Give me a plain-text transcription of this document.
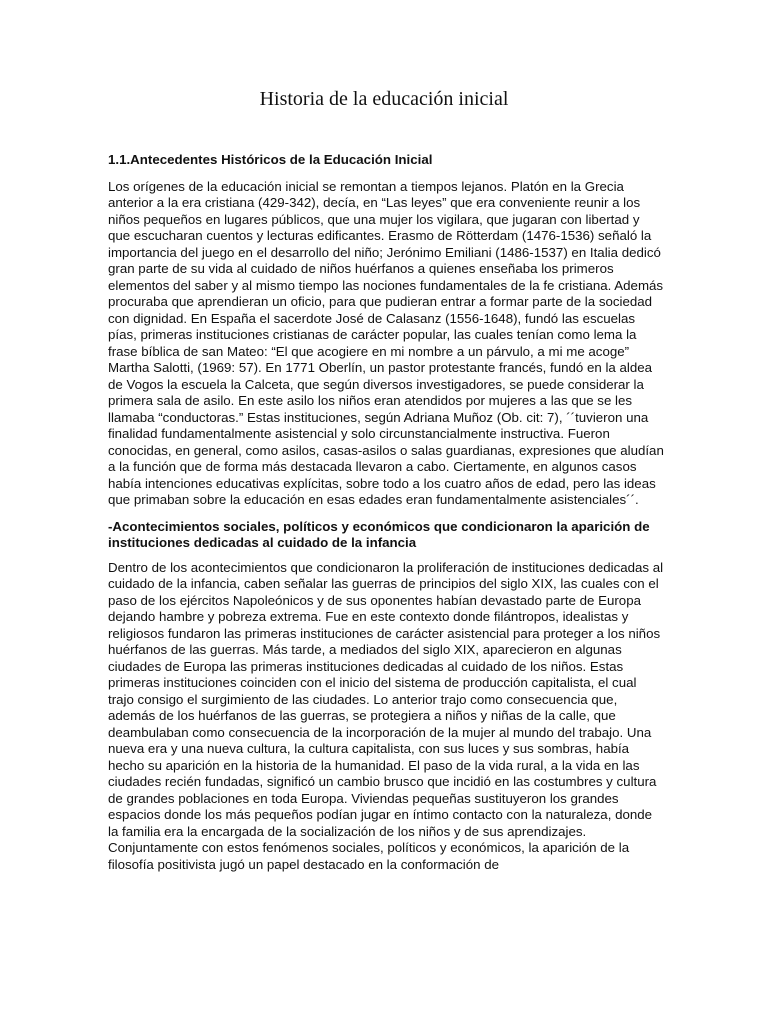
Historia de la educación inicial
1.1.Antecedentes Históricos de la Educación Inicial

Los orígenes de la educación inicial se remontan a tiempos lejanos. Platón en la Grecia anterior a la era cristiana (429-342), decía, en “Las leyes” que era conveniente reunir a los niños pequeños en lugares públicos, que una mujer los vigilara, que jugaran con libertad y que escucharan cuentos y lecturas edificantes. Erasmo de Rötterdam (1476-1536) señaló la importancia del juego en el desarrollo del niño; Jerónimo Emiliani (1486-1537) en Italia dedicó gran parte de su vida al cuidado de niños huérfanos a quienes enseñaba los primeros elementos del saber y al mismo tiempo las nociones fundamentales de la fe cristiana. Además procuraba que aprendieran un oficio, para que pudieran entrar a formar parte de la sociedad con dignidad. En España el sacerdote José de Calasanz (1556-1648), fundó las escuelas pías, primeras instituciones cristianas de carácter popular, las cuales tenían como lema la frase bíblica de san Mateo: “El que acogiere en mi nombre a un párvulo, a mi me acoge” Martha Salotti, (1969: 57). En 1771 Oberlín, un pastor protestante francés, fundó en la aldea de Vogos la escuela la Calceta, que según diversos investigadores, se puede considerar la primera sala de asilo. En este asilo los niños eran atendidos por mujeres a las que se les llamaba “conductoras.” Estas instituciones, según Adriana Muñoz (Ob. cit: 7), ´´tuvieron una finalidad fundamentalmente asistencial y solo circunstancialmente instructiva. Fueron conocidas, en general, como asilos, casas-asilos o salas guardianas, expresiones que aludían a la función que de forma más destacada llevaron a cabo. Ciertamente, en algunos casos había intenciones educativas explícitas, sobre todo a los cuatro años de edad, pero las ideas que primaban sobre la educación en esas edades eran fundamentalmente asistenciales´´.

-Acontecimientos sociales, políticos y económicos que condicionaron la aparición de instituciones dedicadas al cuidado de la infancia

Dentro de los acontecimientos que condicionaron la proliferación de instituciones dedicadas al cuidado de la infancia, caben señalar las guerras de principios del siglo XIX, las cuales con el paso de los ejércitos Napoleónicos y de sus oponentes habían devastado parte de Europa dejando hambre y pobreza extrema. Fue en este contexto donde filántropos, idealistas y religiosos fundaron las primeras instituciones de carácter asistencial para proteger a los niños huérfanos de las guerras. Más tarde, a mediados del siglo XIX, aparecieron en algunas ciudades de Europa las primeras instituciones dedicadas al cuidado de los niños. Estas primeras instituciones coinciden con el inicio del sistema de producción capitalista, el cual trajo consigo el surgimiento de las ciudades. Lo anterior trajo como consecuencia que, además de los huérfanos de las guerras, se protegiera a niños y niñas de la calle, que deambulaban como consecuencia de la incorporación de la mujer al mundo del trabajo. Una nueva era y una nueva cultura, la cultura capitalista, con sus luces y sus sombras, había hecho su aparición en la historia de la humanidad. El paso de la vida rural, a la vida en las ciudades recién fundadas, significó un cambio brusco que incidió en las costumbres y cultura de grandes poblaciones en toda Europa. Viviendas pequeñas sustituyeron los grandes espacios donde los más pequeños podían jugar en íntimo contacto con la naturaleza, donde la familia era la encargada de la socialización de los niños y de sus aprendizajes. Conjuntamente con estos fenómenos sociales, políticos y económicos, la aparición de la filosofía positivista jugó un papel destacado en la conformación de
